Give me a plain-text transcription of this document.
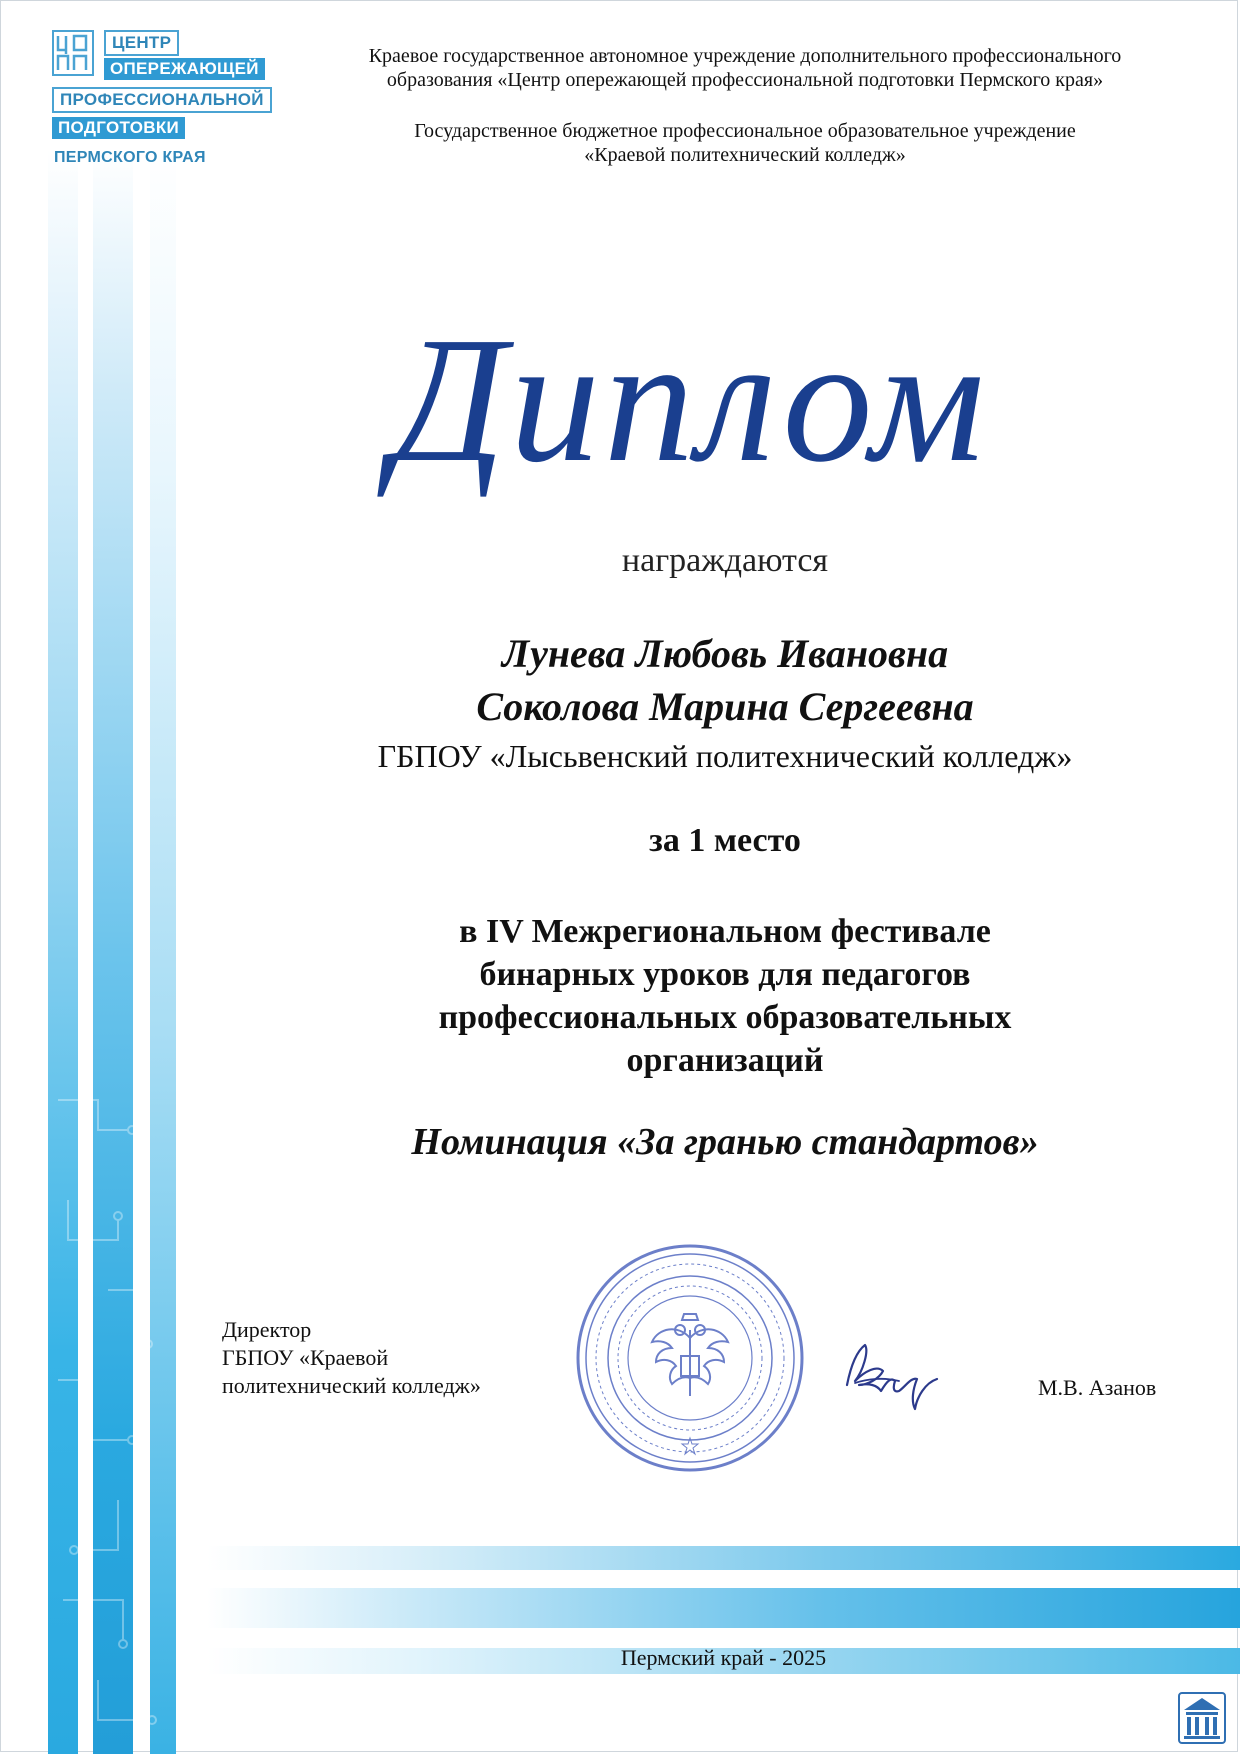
ЦЕНТР
ОПЕРЕЖАЮЩЕЙ
ПРОФЕССИОНАЛЬНОЙ
ПОДГОТОВКИ
ПЕРМСКОГО КРАЯ
Краевое государственное автономное учреждение дополнительного профессионального
образования «Центр опережающей профессиональной подготовки Пермского края»
Государственное бюджетное профессиональное образовательное учреждение
«Краевой политехнический колледж»
Диплом
награждаются
Лунева Любовь Ивановна
Соколова Марина Сергеевна
ГБПОУ «Лысьвенский политехнический колледж»
за 1 место
в IV Межрегиональном фестивале
бинарных уроков для педагогов
профессиональных образовательных
организаций
Номинация «За гранью стандартов»
Директор
ГБПОУ «Краевой
политехнический колледж»	М.В. Азанов
Пермский край - 2025
